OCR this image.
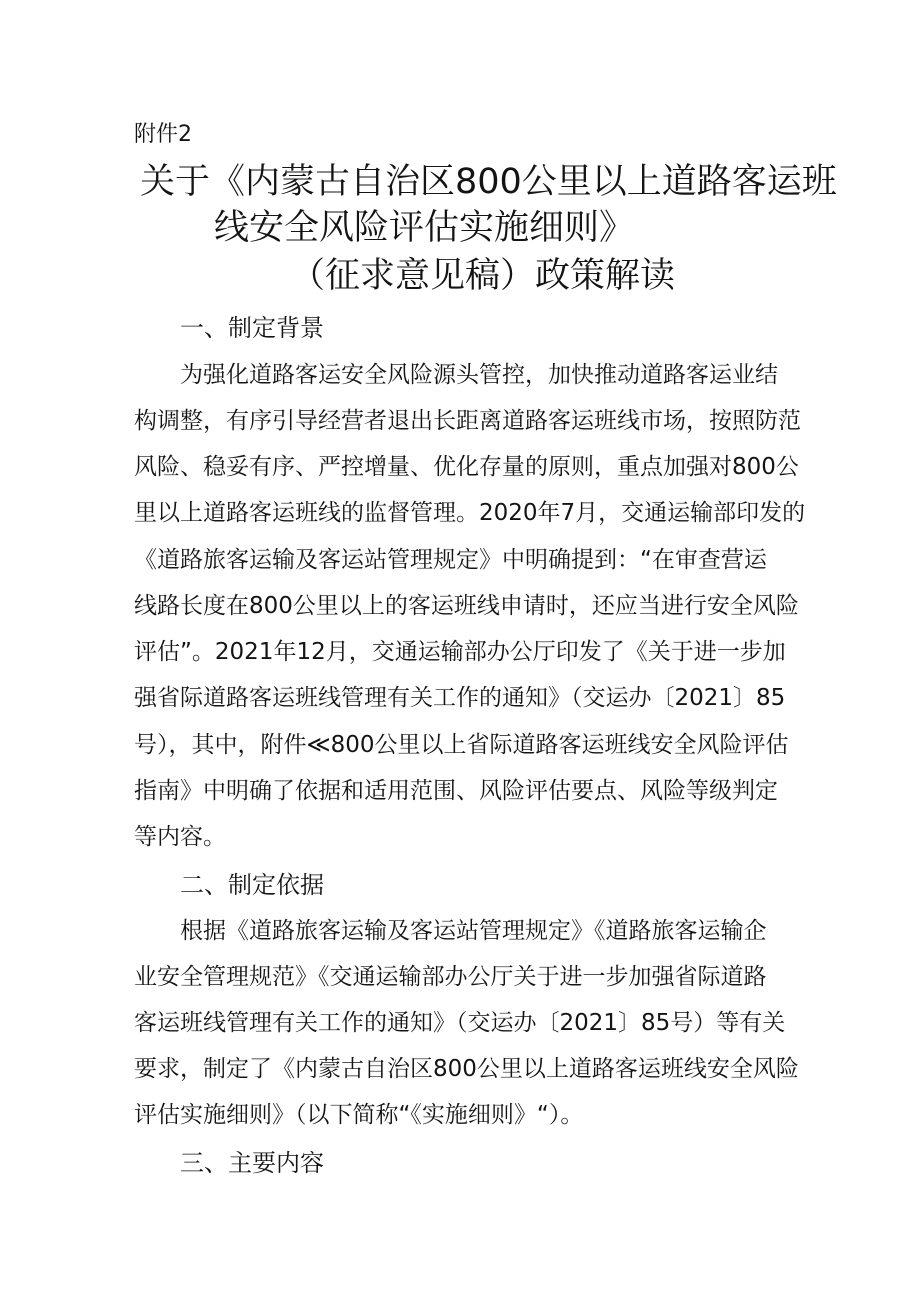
附件2
关于《内蒙古自治区800公里以上道路客运班
线安全风险评估实施细则》
（征求意见稿）政策解读
一、制定背景
为强化道路客运安全风险源头管控，加快推动道路客运业结
构调整，有序引导经营者退出长距离道路客运班线市场，按照防范
风险、稳妥有序、严控增量、优化存量的原则，重点加强对800公
里以上道路客运班线的监督管理。2020年7月，交通运输部印发的
《道路旅客运输及客运站管理规定》中明确提到：“在审查营运
线路长度在800公里以上的客运班线申请时，还应当进行安全风险
评估”。2021年12月，交通运输部办公厅印发了《关于进一步加
强省际道路客运班线管理有关工作的通知》（交运办〔2021〕85
号），其中，附件≪800公里以上省际道路客运班线安全风险评估
指南》中明确了依据和适用范围、风险评估要点、风险等级判定
等内容。
二、制定依据
根据《道路旅客运输及客运站管理规定》《道路旅客运输企
业安全管理规范》《交通运输部办公厅关于进一步加强省际道路
客运班线管理有关工作的通知》（交运办〔2021〕85号）等有关
要求，制定了《内蒙古自治区800公里以上道路客运班线安全风险
评估实施细则》（以下简称“《实施细则》“）。
三、主要内容
